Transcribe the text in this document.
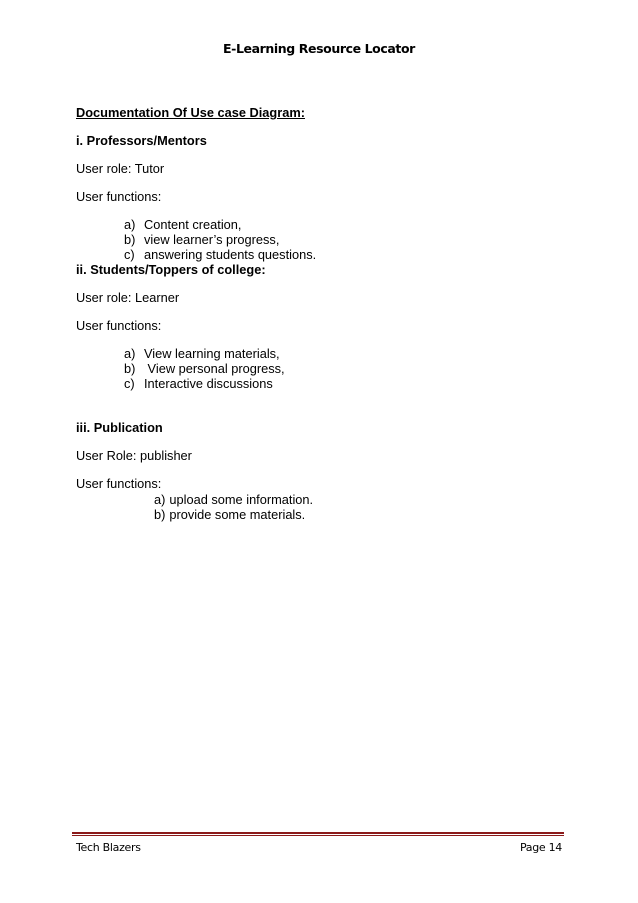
E-Learning Resource Locator

Documentation Of Use case Diagram:

i. Professors/Mentors

User role: Tutor

User functions:

a) Content creation,
b) view learner’s progress,
c) answering students questions.

ii. Students/Toppers of college:

User role: Learner

User functions:

a) View learning materials,
b) View personal progress,
c) Interactive discussions

iii. Publication

User Role: publisher

User functions:

a) upload some information.
b) provide some materials.
Tech Blazers	Page 14
